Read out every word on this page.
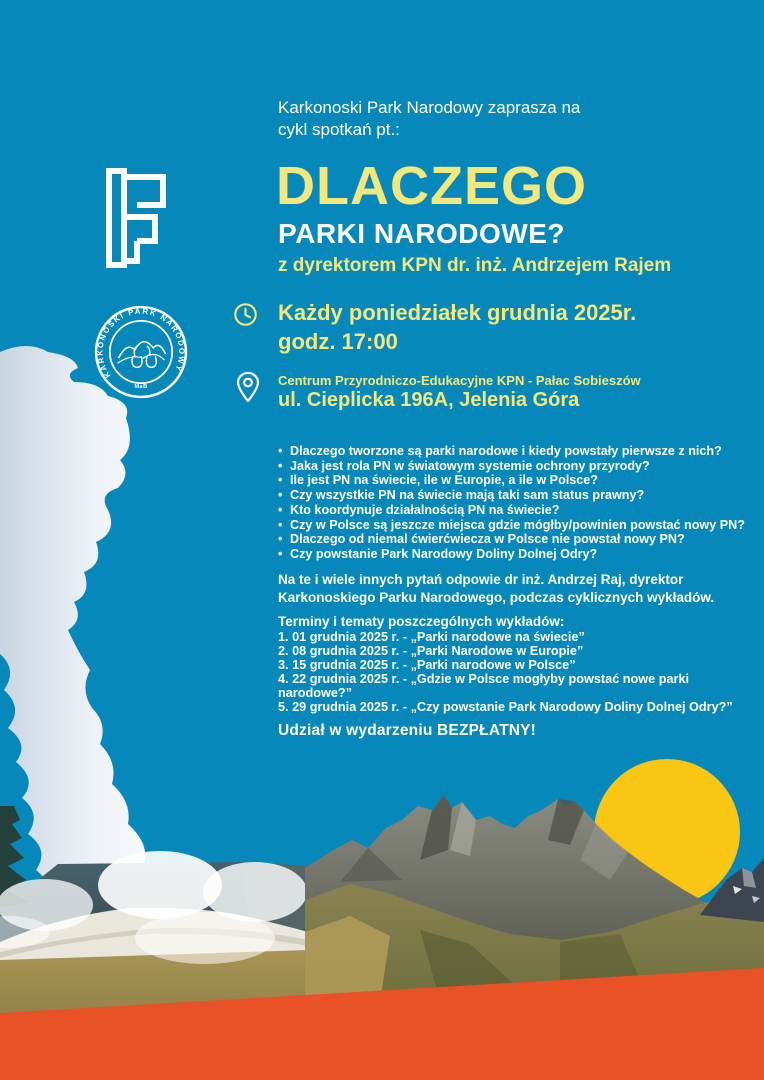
KARKONOSKI PARK NARODOWY
MaB
Karkonoski Park Narodowy zaprasza na
cykl spotkań pt.:
DLACZEGO
PARKI NARODOWE?
z dyrektorem KPN dr. inż. Andrzejem Rajem
Każdy poniedziałek grudnia 2025r.
godz. 17:00
Centrum Przyrodniczo-Edukacyjne KPN - Pałac Sobieszów
ul. Cieplicka 196A, Jelenia Góra
• Dlaczego tworzone są parki narodowe i kiedy powstały pierwsze z nich?
• Jaka jest rola PN w światowym systemie ochrony przyrody?
• Ile jest PN na świecie, ile w Europie, a ile w Polsce?
• Czy wszystkie PN na świecie mają taki sam status prawny?
• Kto koordynuje działalnością PN na świecie?
• Czy w Polsce są jeszcze miejsca gdzie mógłby/powinien powstać nowy PN?
• Dlaczego od niemal ćwierćwiecza w Polsce nie powstał nowy PN?
• Czy powstanie Park Narodowy Doliny Dolnej Odry?
Na te i wiele innych pytań odpowie dr inż. Andrzej Raj, dyrektor
Karkonoskiego Parku Narodowego, podczas cyklicznych wykładów.
Terminy i tematy poszczególnych wykładów:
1. 01 grudnia 2025 r. - „Parki narodowe na świecie”
2. 08 grudnia 2025 r. - „Parki Narodowe w Europie”
3. 15 grudnia 2025 r. - „Parki narodowe w Polsce”
4. 22 grudnia 2025 r. - „Gdzie w Polsce mogłyby powstać nowe parki narodowe?”
5. 29 grudnia 2025 r. - „Czy powstanie Park Narodowy Doliny Dolnej Odry?”
Udział w wydarzeniu BEZPŁATNY!
